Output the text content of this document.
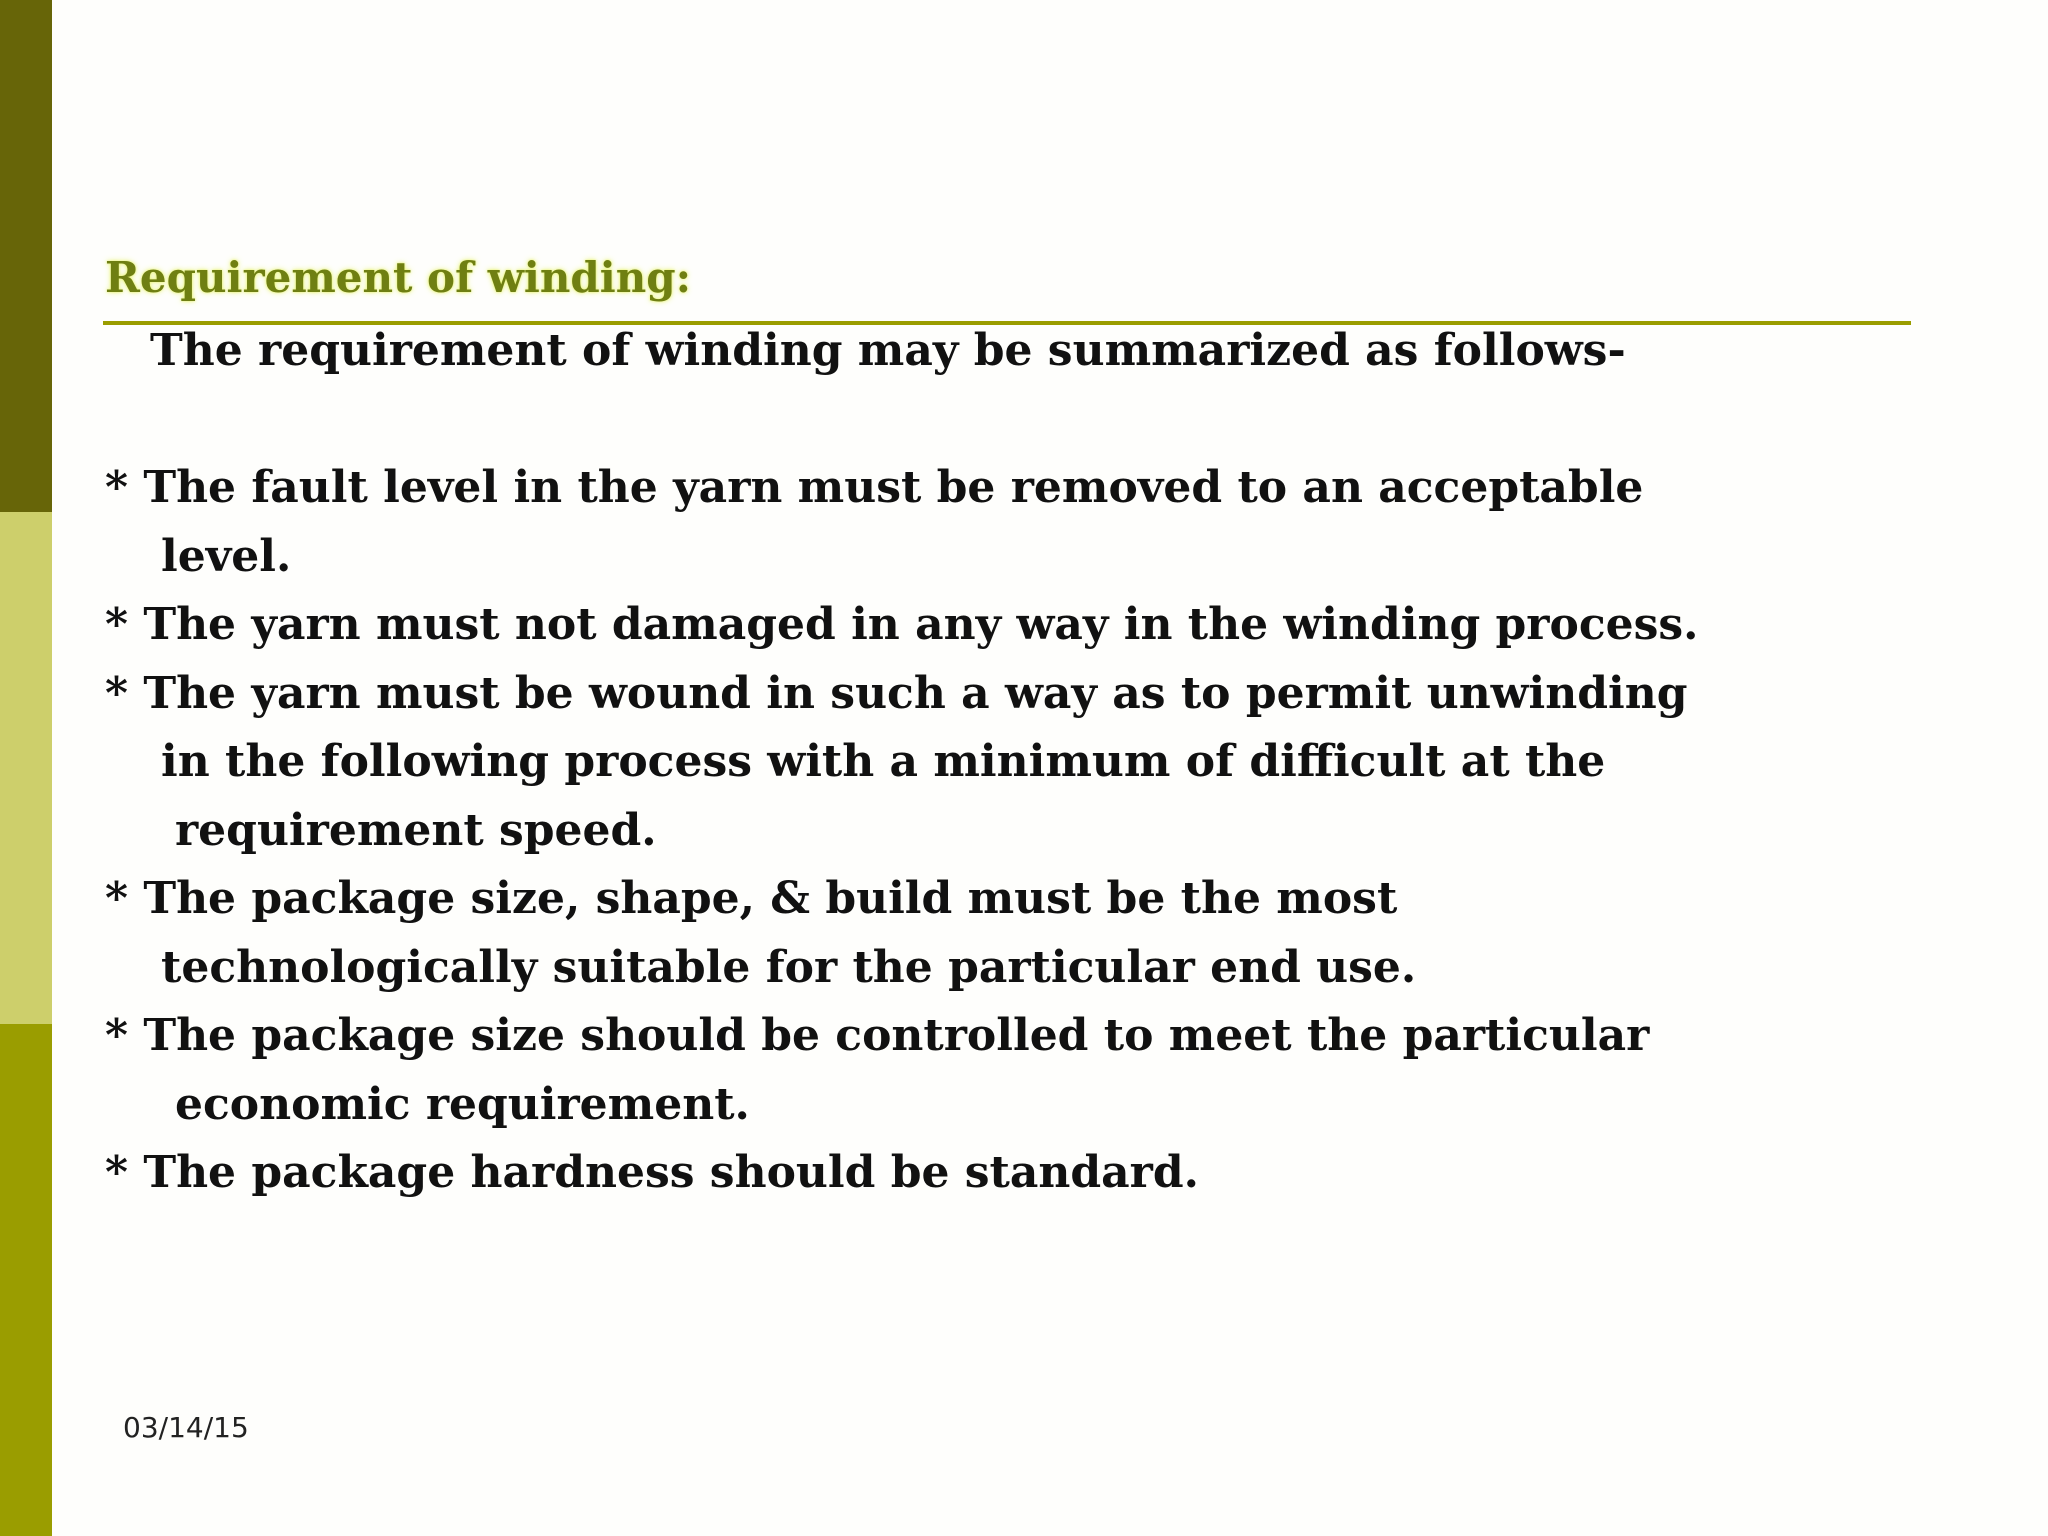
Requirement of winding:
The requirement of winding may be summarized as follows-
* The fault level in the yarn must be removed to an acceptable
level.
* The yarn must not damaged in any way in the winding process.
* The yarn must be wound in such a way as to permit unwinding
in the following process with a minimum of difficult at the
requirement speed.
* The package size, shape, & build must be the most
technologically suitable for the particular end use.
* The package size should be controlled to meet the particular
economic requirement.
* The package hardness should be standard.
03/14/15
